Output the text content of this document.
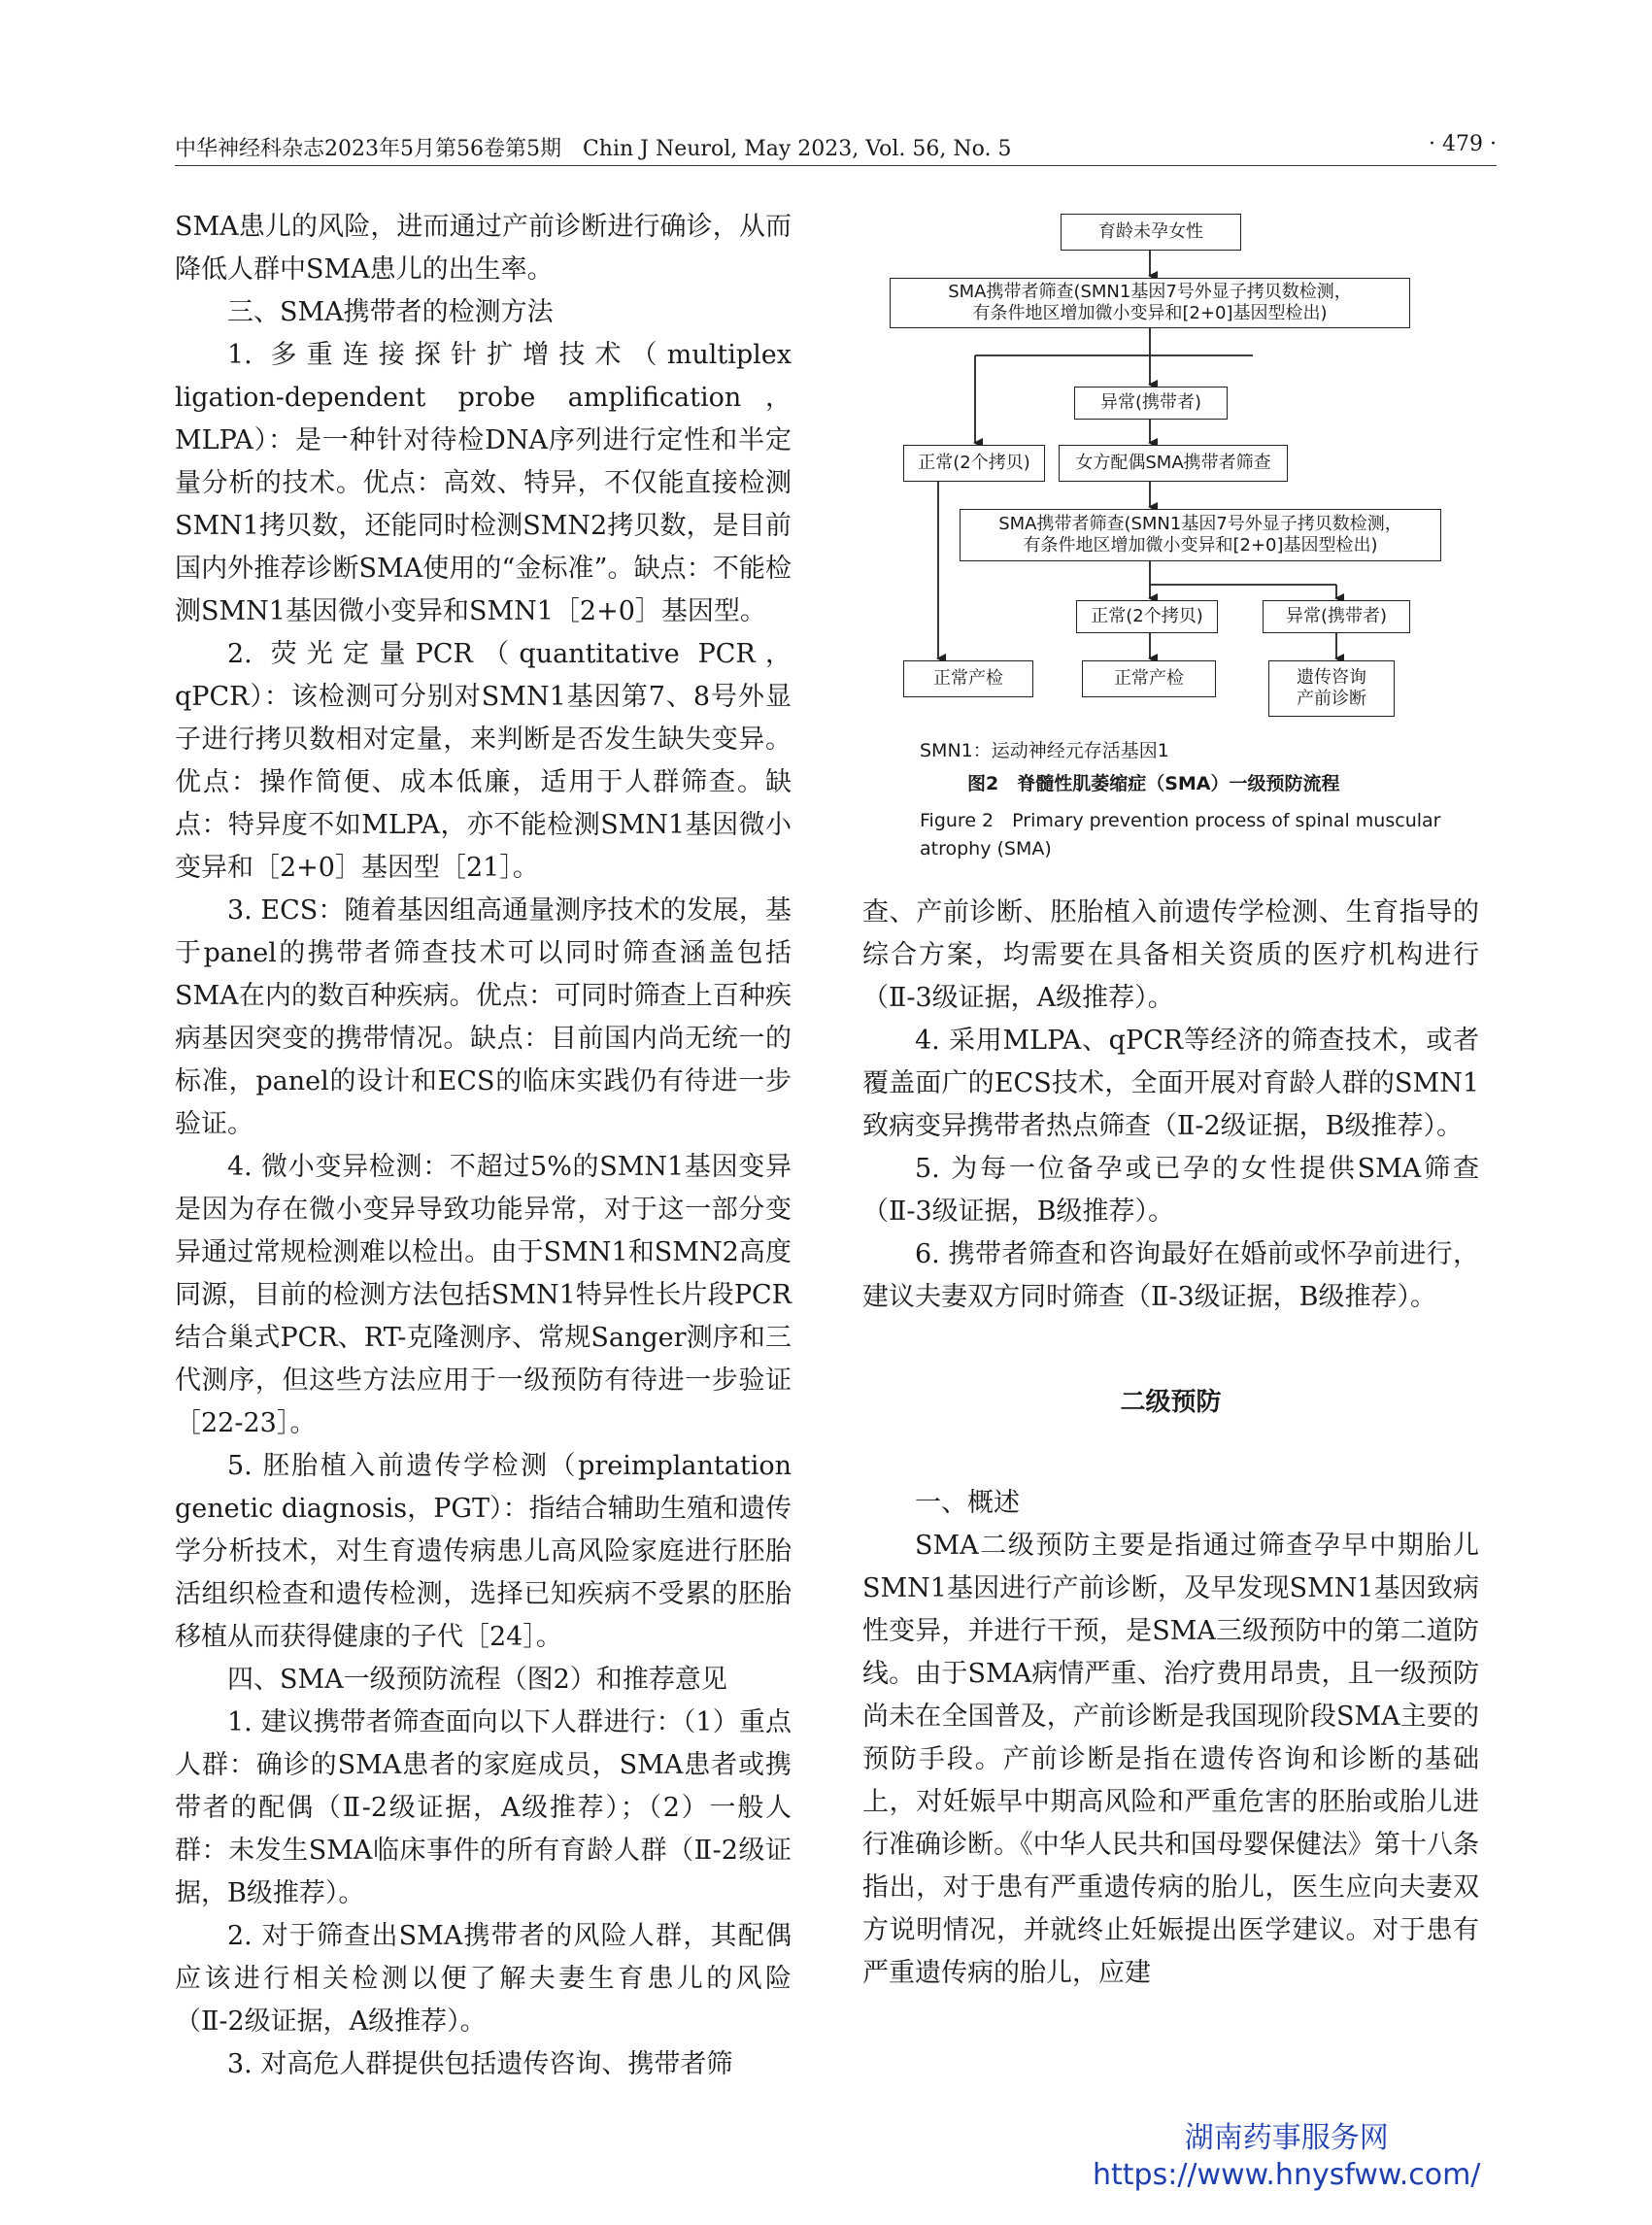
中华神经科杂志2023年5月第56卷第5期　Chin J Neurol, May 2023, Vol. 56, No. 5	· 479 ·

SMA患儿的风险，进而通过产前诊断进行确诊，从而降低人群中SMA患儿的出生率。

三、SMA携带者的检测方法

1. 多重连接探针扩增技术（multiplex ligation-dependent probe amplification，MLPA）：是一种针对待检DNA序列进行定性和半定量分析的技术。优点：高效、特异，不仅能直接检测SMN1拷贝数，还能同时检测SMN2拷贝数，是目前国内外推荐诊断SMA使用的“金标准”。缺点：不能检测SMN1基因微小变异和SMN1［2+0］基因型。

2. 荧光定量PCR（quantitative PCR，qPCR）：该检测可分别对SMN1基因第7、8号外显子进行拷贝数相对定量，来判断是否发生缺失变异。优点：操作简便、成本低廉，适用于人群筛查。缺点：特异度不如MLPA，亦不能检测SMN1基因微小变异和［2+0］基因型［21］。

3. ECS：随着基因组高通量测序技术的发展，基于panel的携带者筛查技术可以同时筛查涵盖包括SMA在内的数百种疾病。优点：可同时筛查上百种疾病基因突变的携带情况。缺点：目前国内尚无统一的标准，panel的设计和ECS的临床实践仍有待进一步验证。

4. 微小变异检测：不超过5%的SMN1基因变异是因为存在微小变异导致功能异常，对于这一部分变异通过常规检测难以检出。由于SMN1和SMN2高度同源，目前的检测方法包括SMN1特异性长片段PCR结合巢式PCR、RT-克隆测序、常规Sanger测序和三代测序，但这些方法应用于一级预防有待进一步验证［22-23］。

5. 胚胎植入前遗传学检测（preimplantation genetic diagnosis，PGT）：指结合辅助生殖和遗传学分析技术，对生育遗传病患儿高风险家庭进行胚胎活组织检查和遗传检测，选择已知疾病不受累的胚胎移植从而获得健康的子代［24］。

四、SMA一级预防流程（图2）和推荐意见

1. 建议携带者筛查面向以下人群进行：（1）重点人群：确诊的SMA患者的家庭成员，SMA患者或携带者的配偶（Ⅱ-2级证据，A级推荐）；（2）一般人群：未发生SMA临床事件的所有育龄人群（Ⅱ-2级证据，B级推荐）。

2. 对于筛查出SMA携带者的风险人群，其配偶应该进行相关检测以便了解夫妻生育患儿的风险（Ⅱ-2级证据，A级推荐）。

3. 对高危人群提供包括遗传咨询、携带者筛

育龄未孕女性
SMA携带者筛查(SMN1基因7号外显子拷贝数检测，
有条件地区增加微小变异和[2+0]基因型检出)
异常(携带者)
正常(2个拷贝)	女方配偶SMA携带者筛查
SMA携带者筛查(SMN1基因7号外显子拷贝数检测，
有条件地区增加微小变异和[2+0]基因型检出)
正常(2个拷贝)	异常(携带者)
正常产检	正常产检	遗传咨询
产前诊断
SMN1：运动神经元存活基因1
图2　脊髓性肌萎缩症（SMA）一级预防流程
Figure 2　Primary prevention process of spinal muscular
atrophy (SMA)

查、产前诊断、胚胎植入前遗传学检测、生育指导的综合方案，均需要在具备相关资质的医疗机构进行（Ⅱ-3级证据，A级推荐）。

4. 采用MLPA、qPCR等经济的筛查技术，或者覆盖面广的ECS技术，全面开展对育龄人群的SMN1致病变异携带者热点筛查（Ⅱ-2级证据，B级推荐）。

5. 为每一位备孕或已孕的女性提供SMA筛查（Ⅱ-3级证据，B级推荐）。

6. 携带者筛查和咨询最好在婚前或怀孕前进行，建议夫妻双方同时筛查（Ⅱ-3级证据，B级推荐）。

二级预防

一、概述

SMA二级预防主要是指通过筛查孕早中期胎儿SMN1基因进行产前诊断，及早发现SMN1基因致病性变异，并进行干预，是SMA三级预防中的第二道防线。由于SMA病情严重、治疗费用昂贵，且一级预防尚未在全国普及，产前诊断是我国现阶段SMA主要的预防手段。产前诊断是指在遗传咨询和诊断的基础上，对妊娠早中期高风险和严重危害的胚胎或胎儿进行准确诊断。《中华人民共和国母婴保健法》第十八条指出，对于患有严重遗传病的胎儿，医生应向夫妻双方说明情况，并就终止妊娠提出医学建议。对于患有严重遗传病的胎儿，应建

湖南药事服务网
https://www.hnysfww.com/
